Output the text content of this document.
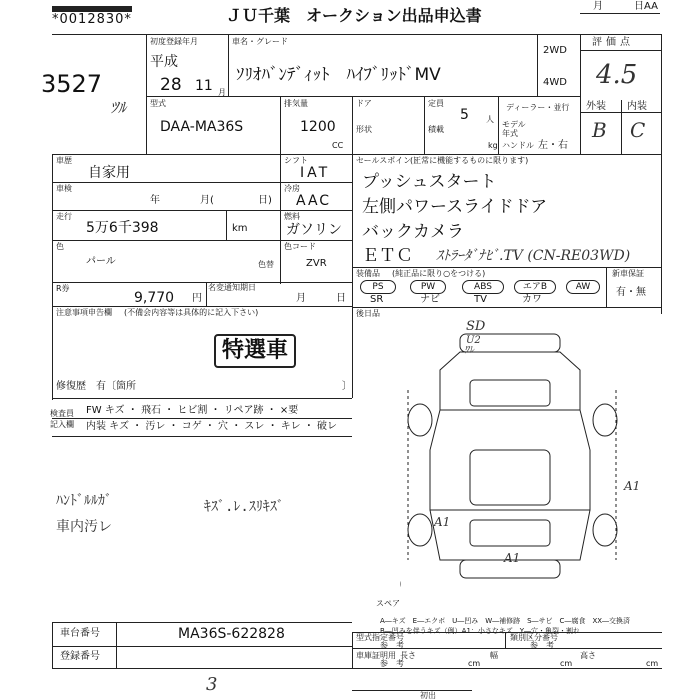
*0012830*	ＪＵ千葉　オークション出品申込書	月	日AA
3527
ﾂﾙ
初度登録年月
平成
28 11 月
車名・グレード
ｿﾘｵﾊﾞﾝﾃﾞｨｯﾄ　ﾊｲﾌﾞﾘｯﾄﾞMV
2WD
4WD
評価点
4.5
型式
DAA-MA36S
排気量
1200
CC
ドア
形状
定員
5 人
積載
kg
ディーラー・並行
モデル 年式
ハンドル 左・右
外装 内装
B C
車歴
自家用
車検
年	月(	日)
走行
5万6千398	km
色
パール	色替
R券
9,770 円
名変通知期日
月	日
シフト
IAT
冷房
AAC
燃料
ガソリン
色コード
ZVR
セールスポイント
(正常に機能するものに限ります)
プッシュスタート
左側パワースライドドア
バックカメラ
ＥＴＣ ｽﾄﾗｰﾀﾞﾅﾋﾞ.TV (CN-RE03WD)
装備品 (純正品に限り○をつける)	新車保証
有・無
PS	PW	ABS	エアB	AW
SR	ナビ	TV	カワ
後日品
注意事項申告欄 (不備会内容等は具体的に記入下さい)
特選車
修復歴　有〔箇所	〕
検査員 記入欄
FW キズ ・ 飛石 ・ ヒビ割 ・ リペア跡 ・ ×要
内装 キズ ・ 汚レ ・ コゲ ・ 穴 ・ スレ ・ キレ ・ 破レ
ﾊﾝﾄﾞﾙﾙｶﾞ	ｷｽﾞ.ﾚ.ｽﾘｷｽﾞ
車内汚レ
SD
U2
ﾜﾚ
A1
A1
A1
スペア
A―キズ　E―エクボ　U―凹み　W―補修跡　S―サビ　C―腐食　XX―交換済
B―凹みを伴うキズ（例）A1：小さなキズ　Y―穴・亀裂・割れ
車台番号	MA36S-622828
登録番号
型式指定番号
参　考
類別区分番号
参　考
車庫証明用
参　考
長さ
cm
幅
cm
高さ
cm
3
初出
